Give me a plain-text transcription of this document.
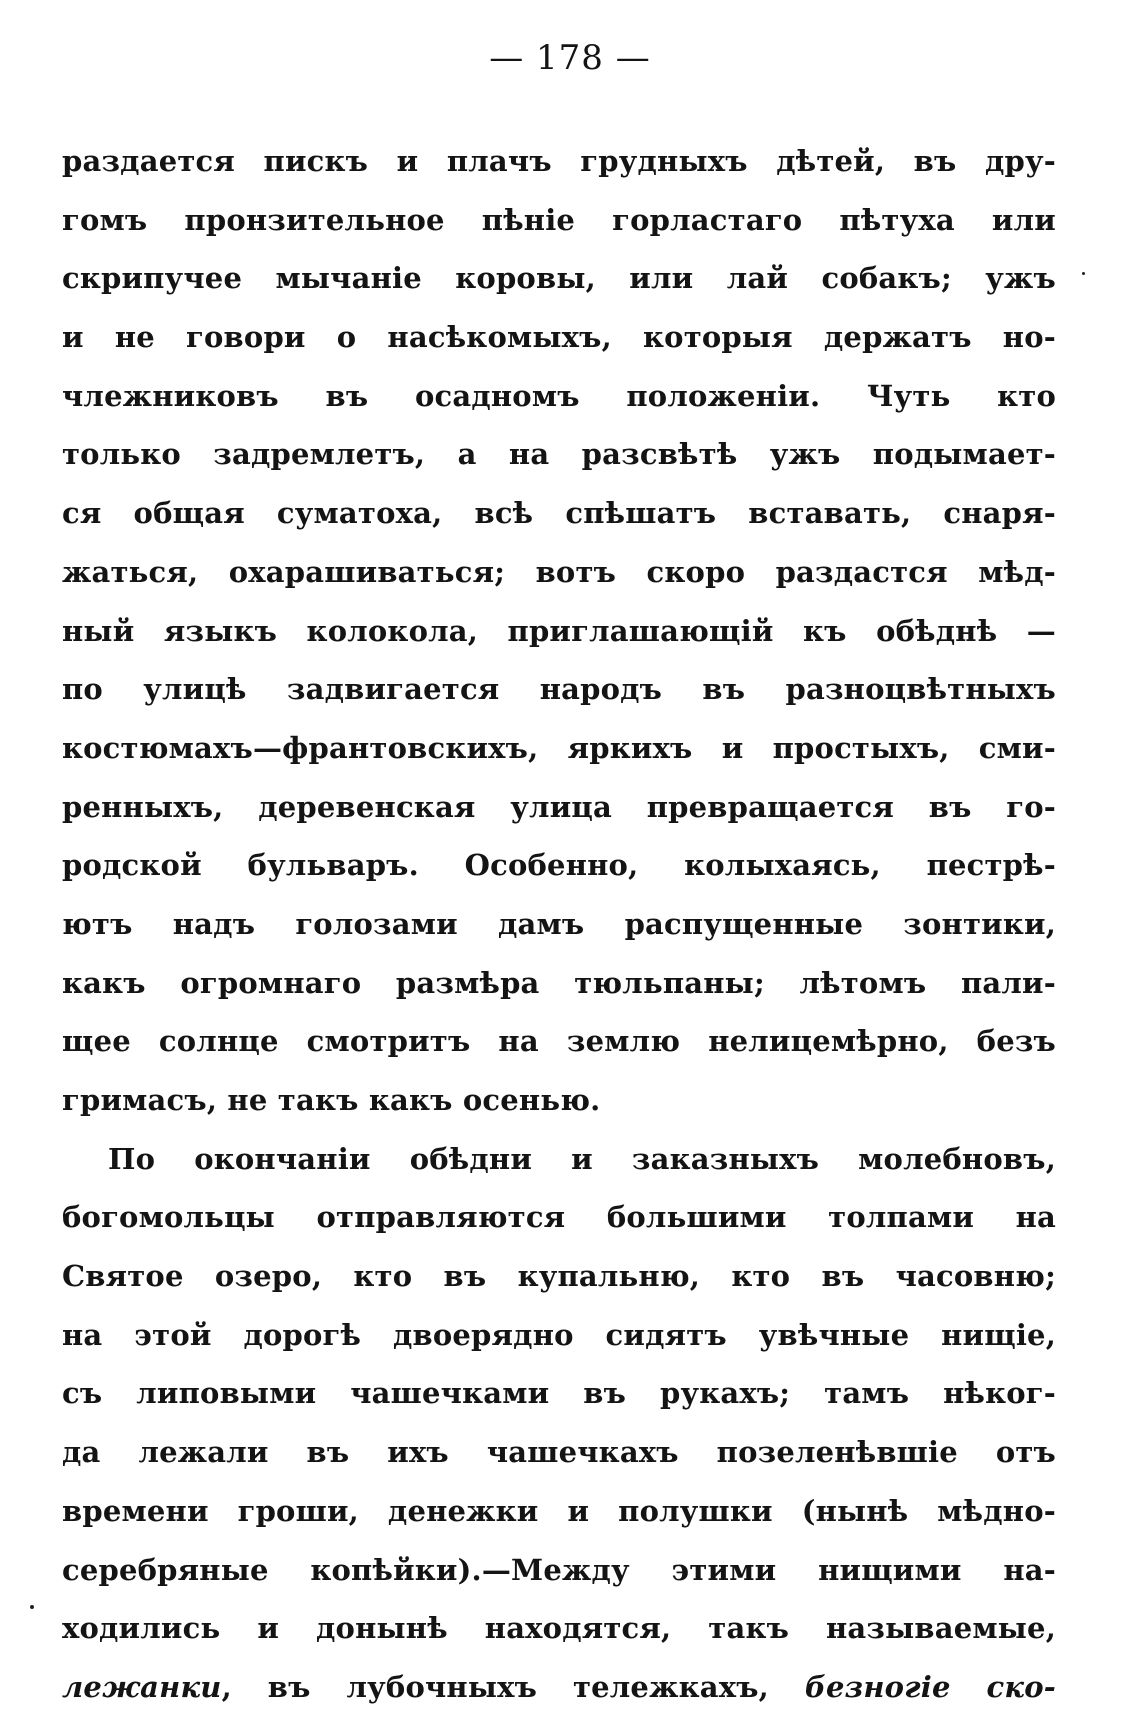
— 178 —
раздается пискъ и плачъ грудныхъ дѣтей, въ дру-
гомъ пронзительное пѣніе горластаго пѣтуха или
скрипучее мычаніе коровы, или лай собакъ; ужъ
и не говори о насѣкомыхъ, которыя держатъ но-
члежниковъ въ осадномъ положеніи. Чуть кто
только задремлетъ, а на разсвѣтѣ ужъ подымает-
ся общая суматоха, всѣ спѣшатъ вставать, снаря-
жаться, охарашиваться; вотъ скоро раздастся мѣд-
ный языкъ колокола, приглашающій къ обѣднѣ —
по улицѣ задвигается народъ въ разноцвѣтныхъ
костюмахъ—франтовскихъ, яркихъ и простыхъ, сми-
ренныхъ, деревенская улица превращается въ го-
родской бульваръ. Особенно, колыхаясь, пестрѣ-
ютъ надъ голозами дамъ распущенные зонтики,
какъ огромнаго размѣра тюльпаны; лѣтомъ пали-
щее солнце смотритъ на землю нелицемѣрно, безъ
гримасъ, не такъ какъ осенью.
По окончаніи обѣдни и заказныхъ молебновъ,
богомольцы отправляются большими толпами на
Святое озеро, кто въ купальню, кто въ часовню;
на этой дорогѣ двоерядно сидятъ увѣчные нищіе,
съ липовыми чашечками въ рукахъ; тамъ нѣког-
да лежали въ ихъ чашечкахъ позеленѣвшіе отъ
времени гроши, денежки и полушки (нынѣ мѣдно-
серебряные копѣйки).—Между этими нищими на-
ходились и донынѣ находятся, такъ называемые,
лежанки, въ лубочныхъ тележкахъ, безногіе ско-
